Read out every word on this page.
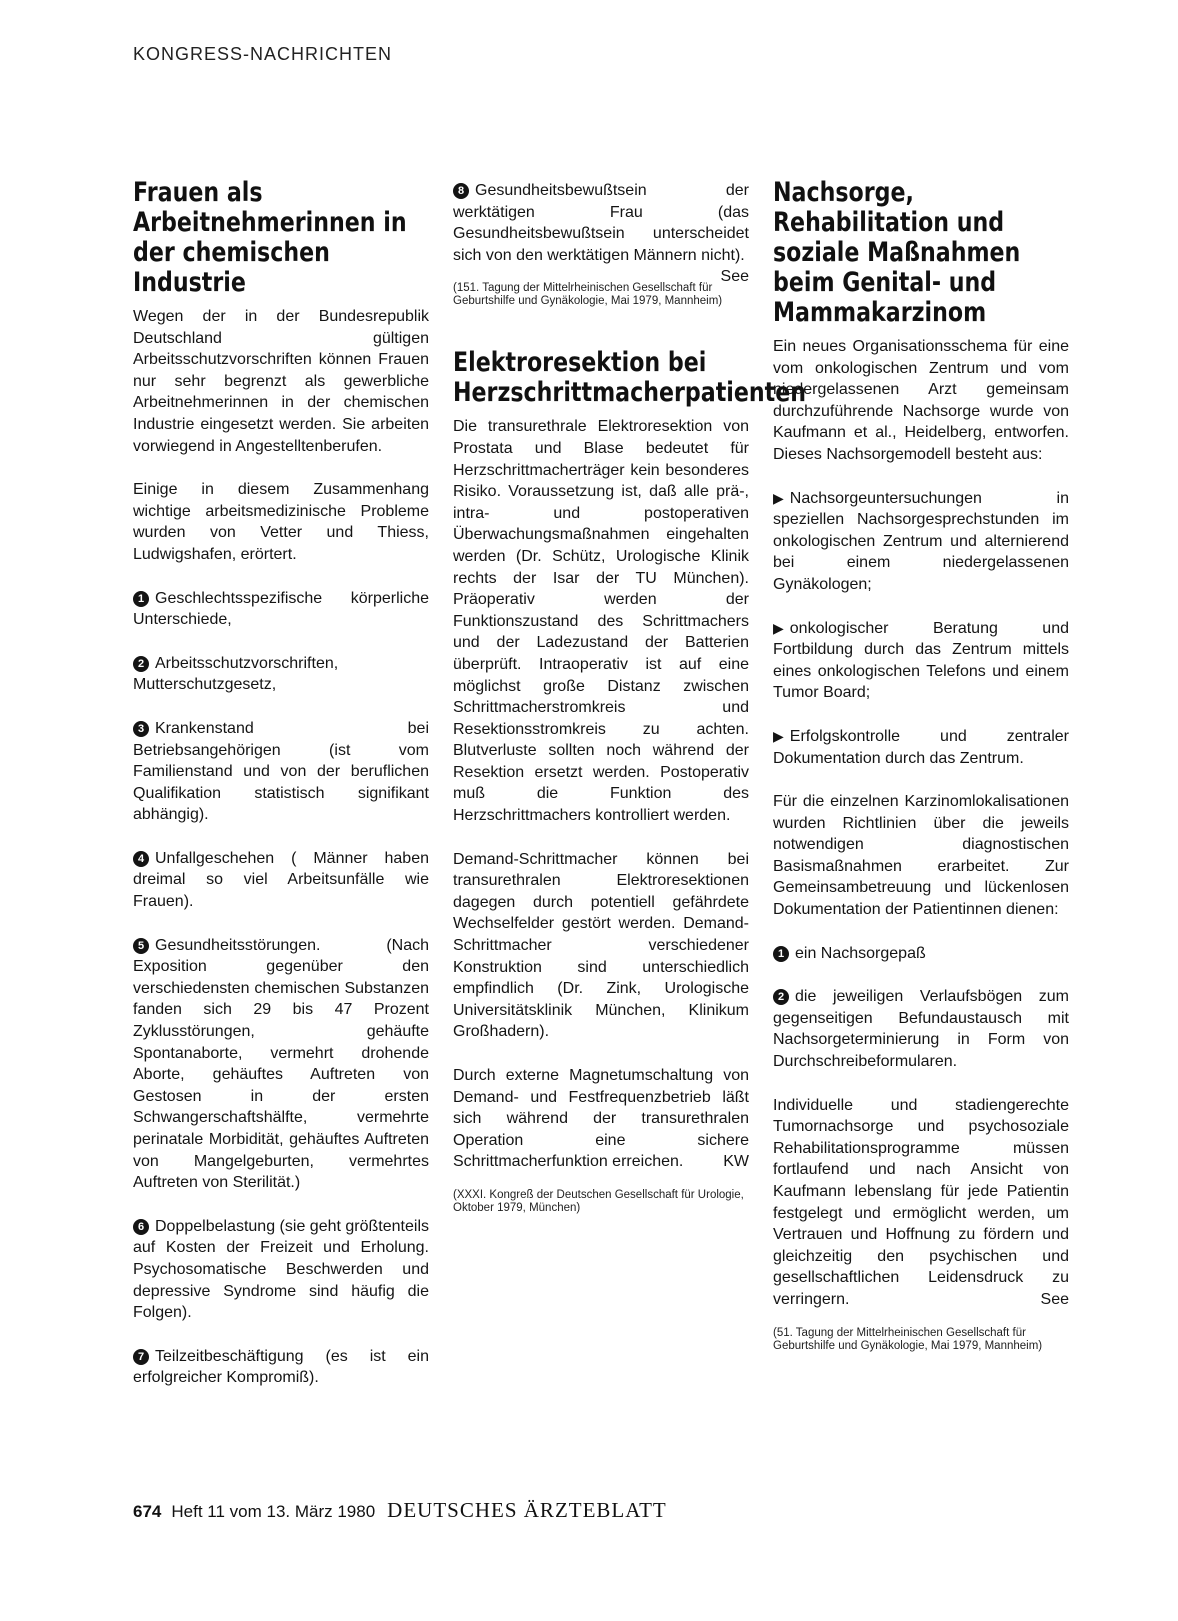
KONGRESS-NACHRICHTEN
Frauen als Arbeitnehmerinnen in der chemischen Industrie

Wegen der in der Bundesrepublik Deutschland gültigen Arbeitsschutzvorschriften können Frauen nur sehr begrenzt als gewerbliche Arbeitnehmerinnen in der chemischen Industrie eingesetzt werden. Sie arbeiten vorwiegend in Angestelltenberufen.

Einige in diesem Zusammenhang wichtige arbeitsmedizinische Probleme wurden von Vetter und Thiess, Ludwigshafen, erörtert.

1 Geschlechtsspezifische körperliche Unterschiede,

2 Arbeitsschutzvorschriften, Mutterschutzgesetz,

3 Krankenstand bei Betriebsangehörigen (ist vom Familienstand und von der beruflichen Qualifikation statistisch signifikant abhängig).

4 Unfallgeschehen ( Männer haben dreimal so viel Arbeitsunfälle wie Frauen).

5 Gesundheitsstörungen. (Nach Exposition gegenüber den verschiedensten chemischen Substanzen fanden sich 29 bis 47 Prozent Zyklusstörungen, gehäufte Spontanaborte, vermehrt drohende Aborte, gehäuftes Auftreten von Gestosen in der ersten Schwangerschaftshälfte, vermehrte perinatale Morbidität, gehäuftes Auftreten von Mangelgeburten, vermehrtes Auftreten von Sterilität.)

6 Doppelbelastung (sie geht größtenteils auf Kosten der Freizeit und Erholung. Psychosomatische Beschwerden und depressive Syndrome sind häufig die Folgen).

7 Teilzeitbeschäftigung (es ist ein erfolgreicher Kompromiß).

8 Gesundheitsbewußtsein der werktätigen Frau (das Gesundheitsbewußtsein unterscheidet sich von den werktätigen Männern nicht).
See

(151. Tagung der Mittelrheinischen Gesellschaft für Geburtshilfe und Gynäkologie, Mai 1979, Mannheim)

Elektroresektion bei Herzschrittmacherpatienten

Die transurethrale Elektroresektion von Prostata und Blase bedeutet für Herzschrittmacherträger kein besonderes Risiko. Voraussetzung ist, daß alle prä-, intra- und postoperativen Überwachungsmaßnahmen eingehalten werden (Dr. Schütz, Urologische Klinik rechts der Isar der TU München). Präoperativ werden der Funktionszustand des Schrittmachers und der Ladezustand der Batterien überprüft. Intraoperativ ist auf eine möglichst große Distanz zwischen Schrittmacherstromkreis und Resektionsstromkreis zu achten. Blutverluste sollten noch während der Resektion ersetzt werden. Postoperativ muß die Funktion des Herzschrittmachers kontrolliert werden.

Demand-Schrittmacher können bei transurethralen Elektroresektionen dagegen durch potentiell gefährdete Wechselfelder gestört werden. Demand-Schrittmacher verschiedener Konstruktion sind unterschiedlich empfindlich (Dr. Zink, Urologische Universitätsklinik München, Klinikum Großhadern).

Durch externe Magnetumschaltung von Demand- und Festfrequenzbetrieb läßt sich während der transurethralen Operation eine sichere Schrittmacherfunktion erreichen. KW

(XXXI. Kongreß der Deutschen Gesellschaft für Urologie, Oktober 1979, München)

Nachsorge, Rehabilitation und soziale Maßnahmen beim Genital- und Mammakarzinom

Ein neues Organisationsschema für eine vom onkologischen Zentrum und vom niedergelassenen Arzt gemeinsam durchzuführende Nachsorge wurde von Kaufmann et al., Heidelberg, entworfen. Dieses Nachsorgemodell besteht aus:

▶ Nachsorgeuntersuchungen in speziellen Nachsorgesprechstunden im onkologischen Zentrum und alternierend bei einem niedergelassenen Gynäkologen;

▶ onkologischer Beratung und Fortbildung durch das Zentrum mittels eines onkologischen Telefons und einem Tumor Board;

▶ Erfolgskontrolle und zentraler Dokumentation durch das Zentrum.

Für die einzelnen Karzinomlokalisationen wurden Richtlinien über die jeweils notwendigen diagnostischen Basismaßnahmen erarbeitet. Zur Gemeinsambetreuung und lückenlosen Dokumentation der Patientinnen dienen:

1 ein Nachsorgepaß

2 die jeweiligen Verlaufsbögen zum gegenseitigen Befundaustausch mit Nachsorgeterminierung in Form von Durchschreibeformularen.

Individuelle und stadiengerechte Tumornachsorge und psychosoziale Rehabilitationsprogramme müssen fortlaufend und nach Ansicht von Kaufmann lebenslang für jede Patientin festgelegt und ermöglicht werden, um Vertrauen und Hoffnung zu fördern und gleichzeitig den psychischen und gesellschaftlichen Leidensdruck zu verringern.	See

(51. Tagung der Mittelrheinischen Gesellschaft für Geburtshilfe und Gynäkologie, Mai 1979, Mannheim)

674 Heft 11 vom 13. März 1980 DEUTSCHES ÄRZTEBLATT
